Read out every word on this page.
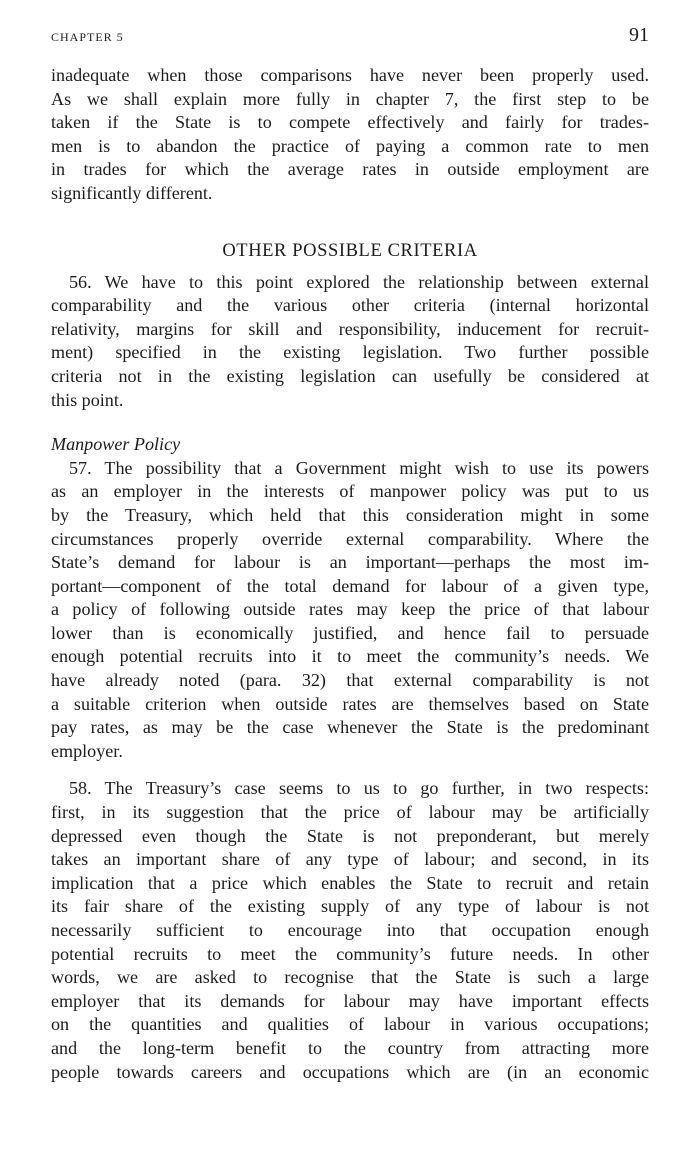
CHAPTER 5	91
inadequate when those comparisons have never been properly used.
As we shall explain more fully in chapter 7, the first step to be
taken if the State is to compete effectively and fairly for trades-
men is to abandon the practice of paying a common rate to men
in trades for which the average rates in outside employment are
significantly different.
OTHER POSSIBLE CRITERIA
56. We have to this point explored the relationship between external
comparability and the various other criteria (internal horizontal
relativity, margins for skill and responsibility, inducement for recruit-
ment) specified in the existing legislation. Two further possible
criteria not in the existing legislation can usefully be considered at
this point.
Manpower Policy
57. The possibility that a Government might wish to use its powers
as an employer in the interests of manpower policy was put to us
by the Treasury, which held that this consideration might in some
circumstances properly override external comparability. Where the
State’s demand for labour is an important—perhaps the most im-
portant—component of the total demand for labour of a given type,
a policy of following outside rates may keep the price of that labour
lower than is economically justified, and hence fail to persuade
enough potential recruits into it to meet the community’s needs. We
have already noted (para. 32) that external comparability is not
a suitable criterion when outside rates are themselves based on State
pay rates, as may be the case whenever the State is the predominant
employer.
58. The Treasury’s case seems to us to go further, in two respects:
first, in its suggestion that the price of labour may be artificially
depressed even though the State is not preponderant, but merely
takes an important share of any type of labour; and second, in its
implication that a price which enables the State to recruit and retain
its fair share of the existing supply of any type of labour is not
necessarily sufficient to encourage into that occupation enough
potential recruits to meet the community’s future needs. In other
words, we are asked to recognise that the State is such a large
employer that its demands for labour may have important effects
on the quantities and qualities of labour in various occupations;
and the long-term benefit to the country from attracting more
people towards careers and occupations which are (in an economic
